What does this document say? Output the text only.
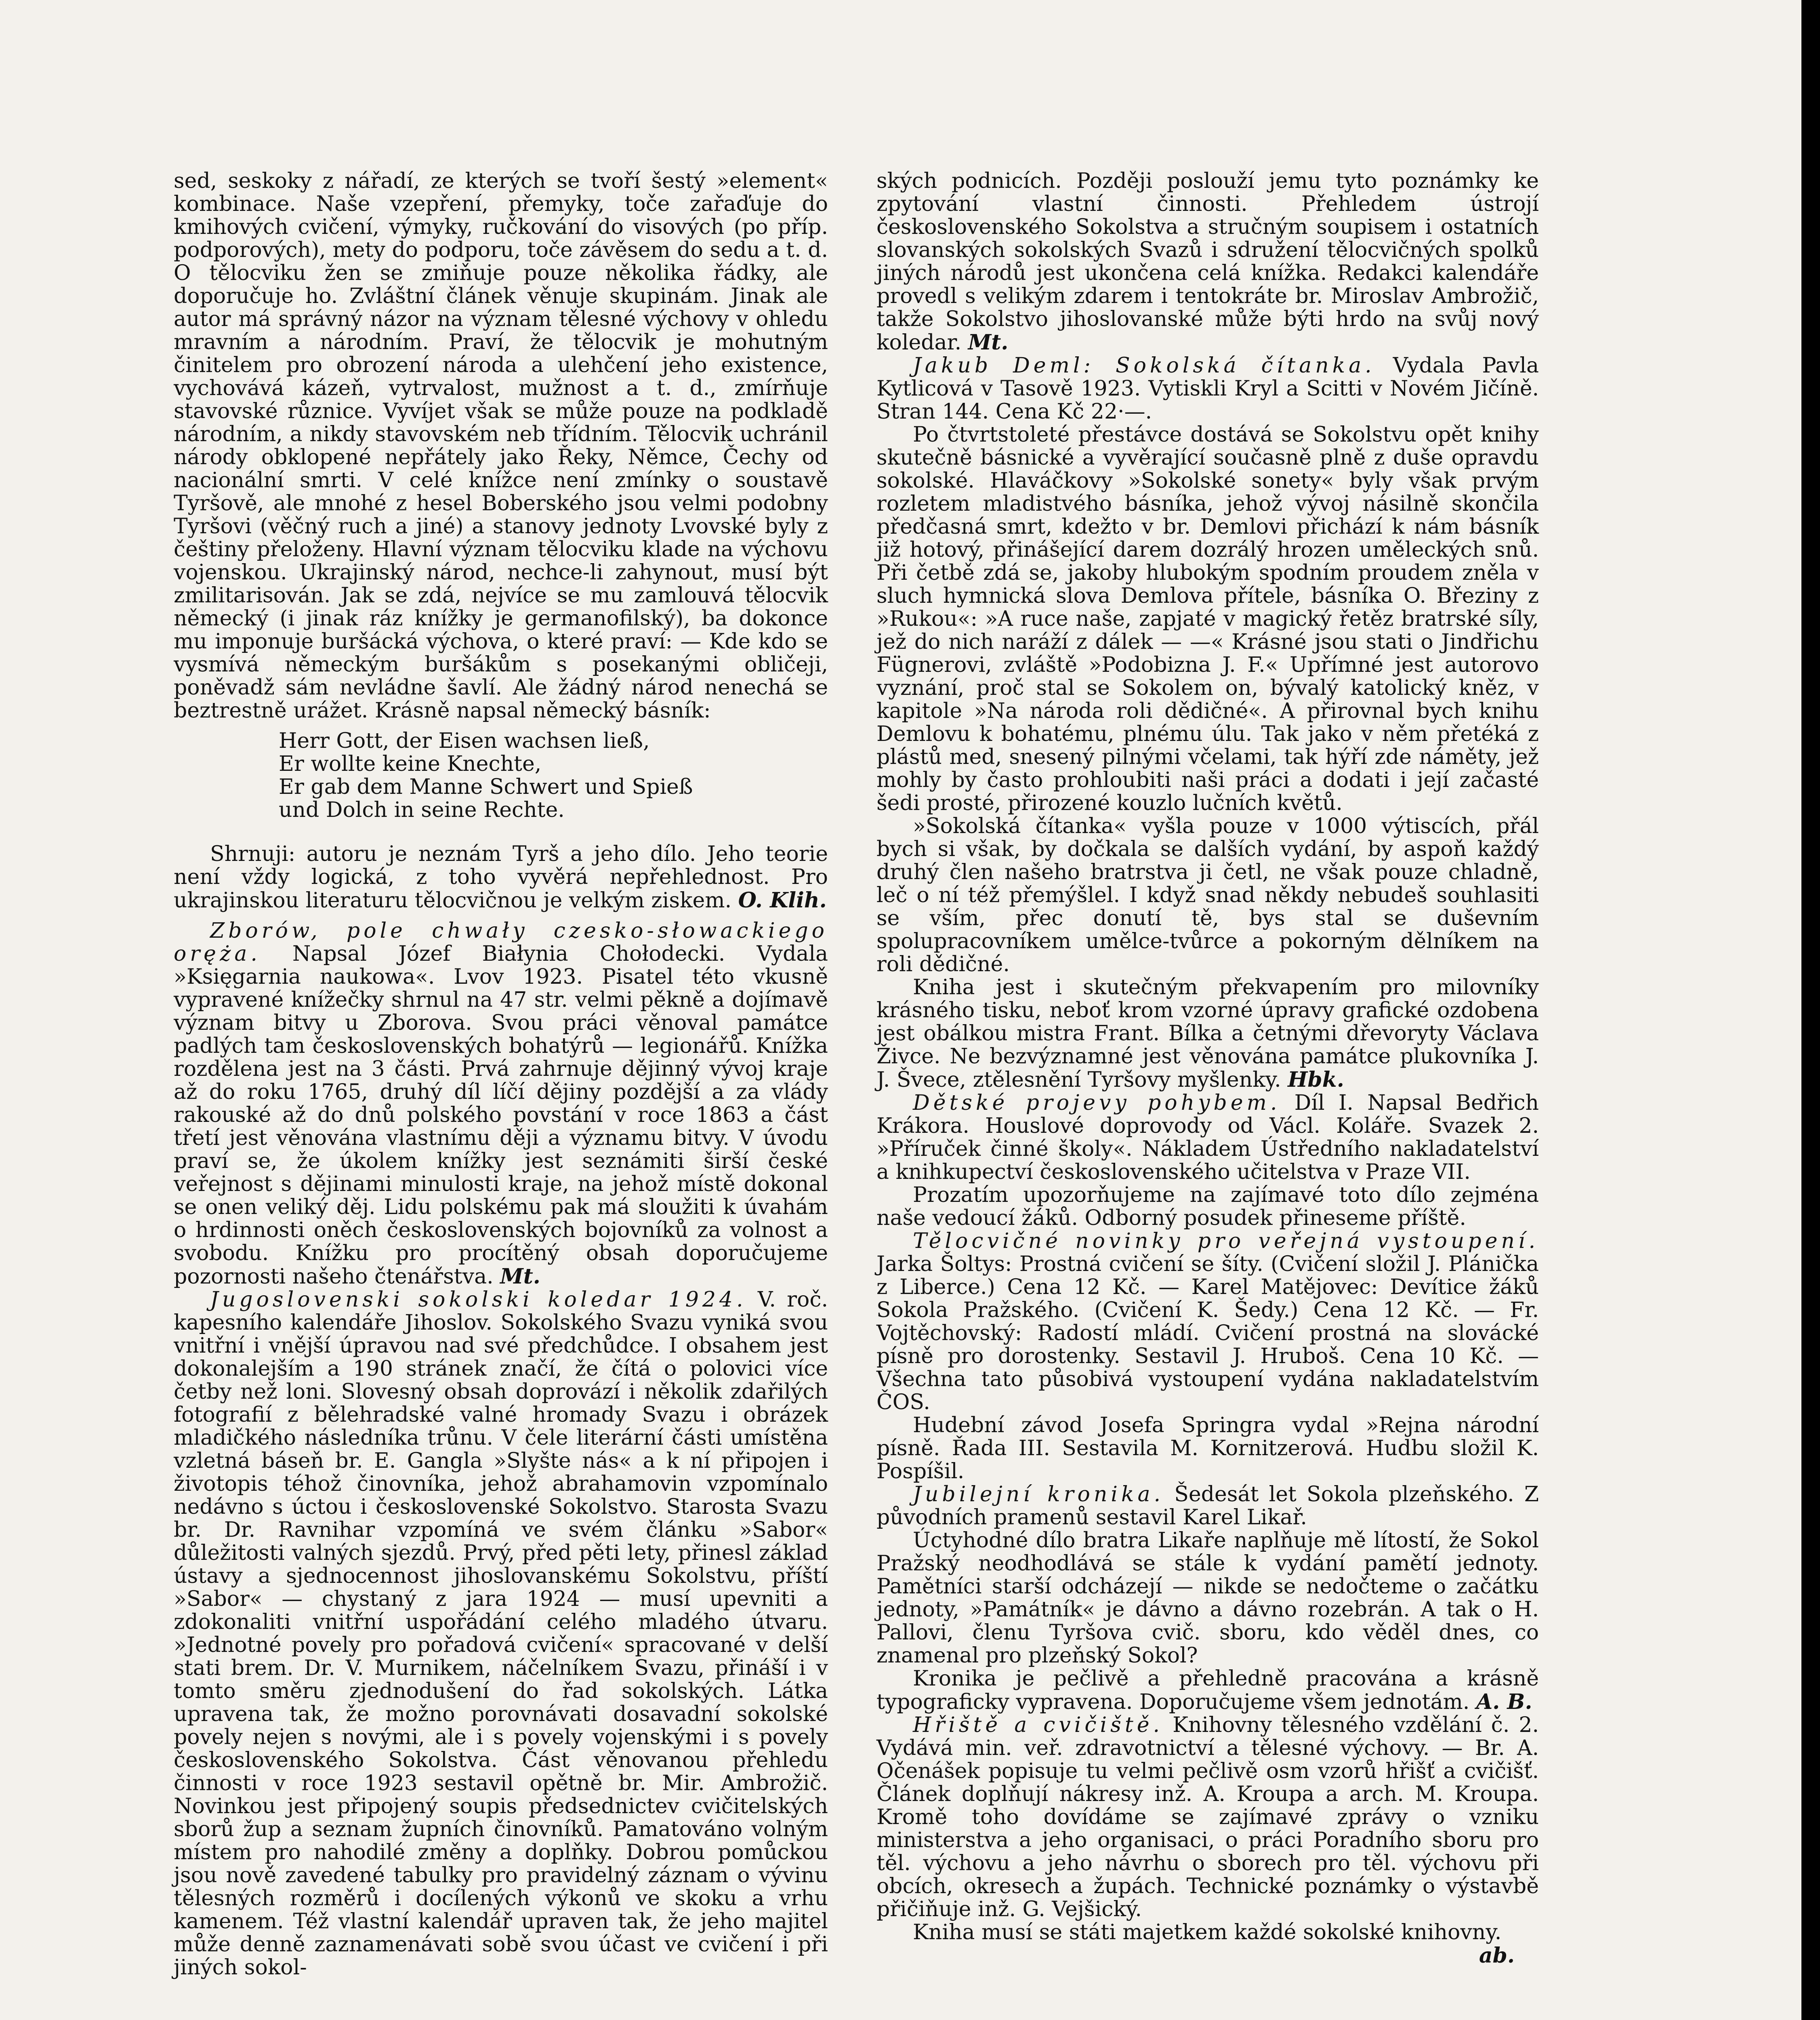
sed, seskoky z nářadí, ze kterých se tvoří šestý »element« kombinace. Naše vzepření, přemyky, toče zařaďuje do kmihových cvičení, výmyky, ručkování do visových (po příp. podporových), mety do podporu, toče závěsem do sedu a t. d. O tělocviku žen se zmiňuje pouze několika řádky, ale doporučuje ho. Zvláštní článek věnuje skupinám. Jinak ale autor má správný názor na význam tělesné výchovy v ohledu mravním a národním. Praví, že tělocvik je mohutným činitelem pro obrození národa a ulehčení jeho existence, vychovává kázeň, vytrvalost, mužnost a t. d., zmírňuje stavovské různice. Vyvíjet však se může pouze na podkladě národním, a nikdy stavovském neb třídním. Tělocvik uchránil národy obklopené nepřátely jako Řeky, Němce, Čechy od nacionální smrti. V celé knížce není zmínky o soustavě Tyršově, ale mnohé z hesel Boberského jsou velmi podobny Tyršovi (věčný ruch a jiné) a stanovy jednoty Lvovské byly z češtiny přeloženy. Hlavní význam tělocviku klade na výchovu vojenskou. Ukrajinský národ, nechce-li zahynout, musí být zmilitarisován. Jak se zdá, nejvíce se mu zamlouvá tělocvik německý (i jinak ráz knížky je germanofilský), ba dokonce mu imponuje buršácká výchova, o které praví: — Kde kdo se vysmívá německým buršákům s posekanými obličeji, poněvadž sám nevládne šavlí. Ale žádný národ nenechá se beztrestně urážet. Krásně napsal německý básník:

Herr Gott, der Eisen wachsen ließ,
Er wollte keine Knechte,
Er gab dem Manne Schwert und Spieß
und Dolch in seine Rechte.

Shrnuji: autoru je neznám Tyrš a jeho dílo. Jeho teorie není vždy logická, z toho vyvěrá nepřehlednost. Pro ukrajinskou literaturu tělocvičnou je velkým ziskem. O. Klih.

Zborów, pole chwały czesko-słowackiego oręża. Napsal Józef Białynia Chołodecki. Vydala »Księgarnia naukowa«. Lvov 1923. Pisatel této vkusně vypravené knížečky shrnul na 47 str. velmi pěkně a dojímavě význam bitvy u Zborova. Svou práci věnoval památce padlých tam československých bohatýrů — legionářů. Knížka rozdělena jest na 3 části. Prvá zahrnuje dějinný vývoj kraje až do roku 1765, druhý díl líčí dějiny pozdější a za vlády rakouské až do dnů polského povstání v roce 1863 a část třetí jest věnována vlastnímu ději a významu bitvy. V úvodu praví se, že úkolem knížky jest seznámiti širší české veřejnost s dějinami minulosti kraje, na jehož místě dokonal se onen veliký děj. Lidu polskému pak má sloužiti k úvahám o hrdinnosti oněch československých bojovníků za volnost a svobodu. Knížku pro procítěný obsah doporučujeme pozornosti našeho čtenářstva. Mt.

Jugoslovenski sokolski koledar 1924. V. roč. kapesního kalendáře Jihoslov. Sokolského Svazu vyniká svou vnitřní i vnější úpravou nad své předchůdce. I obsahem jest dokonalejším a 190 stránek značí, že čítá o polovici více četby než loni. Slovesný obsah doprovází i několik zdařilých fotografií z bělehradské valné hromady Svazu i obrázek mladičkého následníka trůnu. V čele literární části umístěna vzletná báseň br. E. Gangla »Slyšte nás« a k ní připojen i životopis téhož činovníka, jehož abrahamovin vzpomínalo nedávno s úctou i československé Sokolstvo. Starosta Svazu br. Dr. Ravnihar vzpomíná ve svém článku »Sabor« důležitosti valných sjezdů. Prvý, před pěti lety, přinesl základ ústavy a sjednocennost jihoslovanskému Sokolstvu, příští »Sabor« — chystaný z jara 1924 — musí upevniti a zdokonaliti vnitřní uspořádání celého mladého útvaru. »Jednotné povely pro pořadová cvičení« spracované v delší stati brem. Dr. V. Murnikem, náčelníkem Svazu, přináší i v tomto směru zjednodušení do řad sokolských. Látka upravena tak, že možno porovnávati dosavadní sokolské povely nejen s novými, ale i s povely vojenskými i s povely československého Sokolstva. Část věnovanou přehledu činnosti v roce 1923 sestavil opětně br. Mir. Ambrožič. Novinkou jest připojený soupis předsednictev cvičitelských sborů žup a seznam župních činovníků. Pamatováno volným místem pro nahodilé změny a doplňky. Dobrou pomůckou jsou nově zavedené tabulky pro pravidelný záznam o vývinu tělesných rozměrů i docílených výkonů ve skoku a vrhu kamenem. Též vlastní kalendář upraven tak, že jeho majitel může denně zaznamenávati sobě svou účast ve cvičení i při jiných sokol-

ských podnicích. Později poslouží jemu tyto poznámky ke zpytování vlastní činnosti. Přehledem ústrojí československého Sokolstva a stručným soupisem i ostatních slovanských sokolských Svazů i sdružení tělocvičných spolků jiných národů jest ukončena celá knížka. Redakci kalendáře provedl s velikým zdarem i tentokráte br. Miroslav Ambrožič, takže Sokolstvo jihoslovanské může býti hrdo na svůj nový koledar. Mt.

Jakub Deml: Sokolská čítanka. Vydala Pavla Kytlicová v Tasově 1923. Vytiskli Kryl a Scitti v Novém Jičíně. Stran 144. Cena Kč 22·—.

Po čtvrtstoleté přestávce dostává se Sokolstvu opět knihy skutečně básnické a vyvěrající současně plně z duše opravdu sokolské. Hlaváčkovy »Sokolské sonety« byly však prvým rozletem mladistvého básníka, jehož vývoj násilně skončila předčasná smrt, kdežto v br. Demlovi přichází k nám básník již hotový, přinášející darem dozrálý hrozen uměleckých snů. Při četbě zdá se, jakoby hlubokým spodním proudem zněla v sluch hymnická slova Demlova přítele, básníka O. Březiny z »Rukou«: »A ruce naše, zapjaté v magický řetěz bratrské síly, jež do nich naráží z dálek — —« Krásné jsou stati o Jindřichu Fügnerovi, zvláště »Podobizna J. F.« Upřímné jest autorovo vyznání, proč stal se Sokolem on, bývalý katolický kněz, v kapitole »Na národa roli dědičné«. A přirovnal bych knihu Demlovu k bohatému, plnému úlu. Tak jako v něm přetéká z plástů med, snesený pilnými včelami, tak hýří zde náměty, jež mohly by často prohloubiti naši práci a dodati i její začasté šedi prosté, přirozené kouzlo lučních květů.

»Sokolská čítanka« vyšla pouze v 1000 výtiscích, přál bych si však, by dočkala se dalších vydání, by aspoň každý druhý člen našeho bratrstva ji četl, ne však pouze chladně, leč o ní též přemýšlel. I když snad někdy nebudeš souhlasiti se vším, přec donutí tě, bys stal se duševním spolupracovníkem umělce-tvůrce a pokorným dělníkem na roli dědičné.

Kniha jest i skutečným překvapením pro milovníky krásného tisku, neboť krom vzorné úpravy grafické ozdobena jest obálkou mistra Frant. Bílka a četnými dřevoryty Václava Živce. Ne bezvýznamné jest věnována památce plukovníka J. J. Švece, ztělesnění Tyršovy myšlenky. Hbk.

Dětské projevy pohybem. Díl I. Napsal Bedřich Krákora. Houslové doprovody od Václ. Koláře. Svazek 2. »Příruček činné školy«. Nákladem Ústředního nakladatelství a knihkupectví československého učitelstva v Praze VII.

Prozatím upozorňujeme na zajímavé toto dílo zejména naše vedoucí žáků. Odborný posudek přineseme příště.

Tělocvičné novinky pro veřejná vystoupení. Jarka Šoltys: Prostná cvičení se šíty. (Cvičení složil J. Plánička z Liberce.) Cena 12 Kč. — Karel Matějovec: Devítice žáků Sokola Pražského. (Cvičení K. Šedy.) Cena 12 Kč. — Fr. Vojtěchovský: Radostí mládí. Cvičení prostná na slovácké písně pro dorostenky. Sestavil J. Hruboš. Cena 10 Kč. — Všechna tato působivá vystoupení vydána nakladatelstvím ČOS.

Hudební závod Josefa Springra vydal »Rejna národní písně. Řada III. Sestavila M. Kornitzerová. Hudbu složil K. Pospíšil.

Jubilejní kronika. Šedesát let Sokola plzeňského. Z původních pramenů sestavil Karel Likař.

Úctyhodné dílo bratra Likaře naplňuje mě lítostí, že Sokol Pražský neodhodlává se stále k vydání pamětí jednoty. Pamětníci starší odcházejí — nikde se nedočteme o začátku jednoty, »Památník« je dávno a dávno rozebrán. A tak o H. Pallovi, členu Tyršova cvič. sboru, kdo věděl dnes, co znamenal pro plzeňský Sokol?

Kronika je pečlivě a přehledně pracována a krásně typograficky vypravena. Doporučujeme všem jednotám. A. B.

Hřiště a cvičiště. Knihovny tělesného vzdělání č. 2. Vydává min. veř. zdravotnictví a tělesné výchovy. — Br. A. Očenášek popisuje tu velmi pečlivě osm vzorů hřišť a cvičišť. Článek doplňují nákresy inž. A. Kroupa a arch. M. Kroupa. Kromě toho dovídáme se zajímavé zprávy o vzniku ministerstva a jeho organisaci, o práci Poradního sboru pro těl. výchovu a jeho návrhu o sborech pro těl. výchovu při obcích, okresech a župách. Technické poznámky o výstavbě přičiňuje inž. G. Vejšický.

Kniha musí se státi majetkem každé sokolské knihovny.

ab.
